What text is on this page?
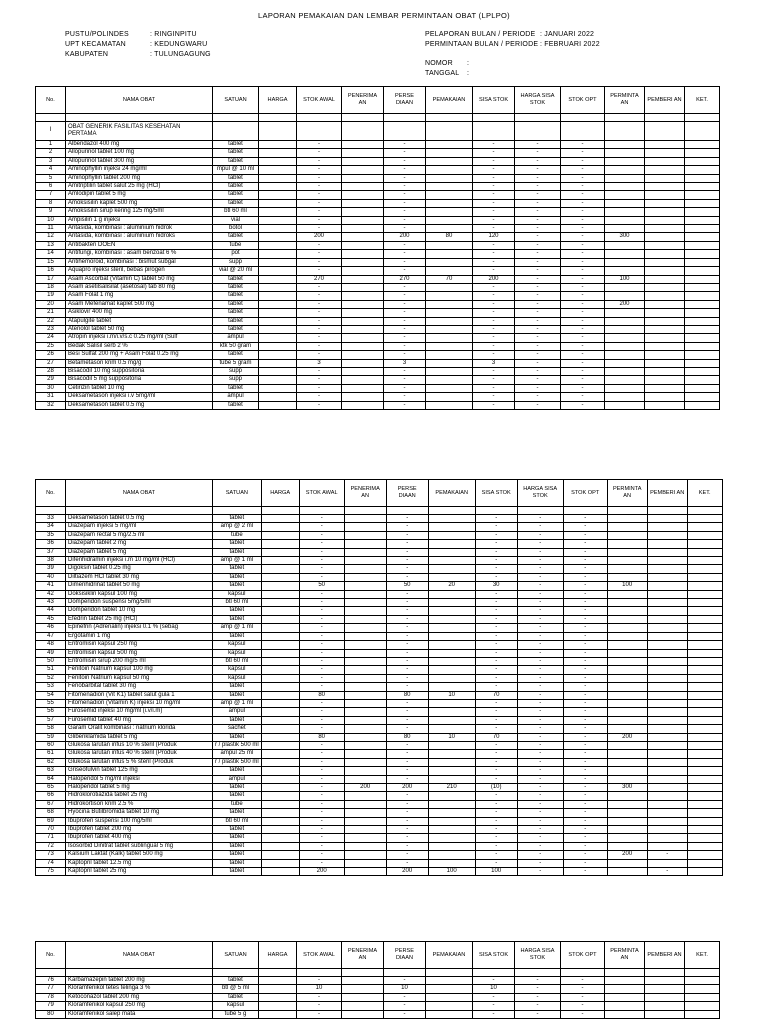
LAPORAN PEMAKAIAN DAN LEMBAR PERMINTAAN OBAT (LPLPO)
PUSTU/POLINDES	: RINGINPITU
UPT KECAMATAN	: KEDUNGWARU
KABUPATEN	: TULUNGAGUNG
PELAPORAN BULAN / PERIODE : JANUARI 2022
PERMINTAAN BULAN / PERIODE : FEBRUARI 2022
NOMOR :
TANGGAL :
No.	NAMA OBAT	SATUAN	HARGA	STOK AWAL	PENERIMA AN	PERSE DIAAN	PEMAKAIAN	SISA STOK	HARGA SISA STOK	STOK OPT	PERMINTA AN	PEMBERI AN	KET.

I	OBAT GENERIK FASILITAS KESEHATAN PERTAMA												
1	Albendazol 400 mg	tablet		-		-		-	-	-			
2	Allopurinol tablet 100 mg	tablet		-		-		-	-	-			
3	Allopurinol tablet 300 mg	tablet		-		-		-	-	-			
4	Aminophyllin injeksi 24 mg/ml	mpul @ 10 ml		-		-		-	-	-			
5	Aminophyllin tablet 200 mg	tablet		-		-		-	-	-			
6	Amitriptilin tablet salut 25 mg (HCl)	tablet		-		-		-	-	-			
7	Amlodipin tablet 5 mg	tablet		-		-		-	-	-			
8	Amoksisilin kaplet 500 mg	tablet		-		-		-	-	-			
9	Amoksisilin sirup kering 125 mg/5ml	btl 60 ml		-		-		-	-	-			
10	Ampisilin 1 g injeksi	vial		-		-		-	-	-			
11	Antasida, kombinasi : aluminium hidrok	botol		-		-		-	-	-			
12	Antasida, kombinasi : aluminium hidroks	tablet		200		200	80	120	-	-	300		
13	Antibakteri DOEN	tube		-		-		-	-	-			
14	Antifungi, kombinasi : asam benzoat 6 %	pot		-		-		-	-	-			
15	Antihemoroid, kombinasi : bismut subgal	supp		-		-		-	-	-			
16	Aquapro injeksi steril, bebas pirogen	vial @ 20 ml		-		-		-	-	-			
17	Asam Ascorbat (Vitamin C) tablet 50 mg	tablet		270		270	70	200	-	-	100		
18	Asam asetilsalisilat (asetosal) tab 80 mg	tablet		-		-		-	-	-			
19	Asam Folat 1 mg	tablet		-		-		-	-	-			
20	Asam Mefenamat kaplet 500 mg	tablet		-		-		-	-	-	200		
21	Asiklovir 400 mg	tablet		-		-		-	-	-			
22	Atapulgite tablet	tablet		-		-		-	-	-			
23	Atenolol tablet 50 mg	tablet		-		-		-	-	-			
24	Atropin injeksi i.m/i.v/s.c 0.25 mg/ml (Sulf	ampul		-		-		-	-	-			
25	Bedak Salisil serb 2 %	ktk 50 gram		-		-		-	-	-			
26	Besi Sulfat 200 mg + Asam Folat 0.25 mg	tablet		-		-		-	-	-			
27	Betametason krim 0.5 mg/g	tube 5 gram		3		3		3	-	-			
28	Bisacodil 10 mg suppositoria	supp		-		-		-	-	-			
29	Bisacodil 5 mg suppositoria	supp		-		-		-	-	-			
30	Cetirizin tablet 10 mg	tablet		-		-		-	-	-			
31	Deksametason injeksi i.v 5mg/ml	ampul		-		-		-	-	-			
32	Deksametason tablet 0.5 mg	tablet		-		-		-	-	-			
No.	NAMA OBAT	SATUAN	HARGA	STOK AWAL	PENERIMA AN	PERSE DIAAN	PEMAKAIAN	SISA STOK	HARGA SISA STOK	STOK OPT	PERMINTA AN	PEMBERI AN	KET.

33	Deksametason tablet 0.5 mg	tablet		-		-		-	-	-			
34	Diazepam injeksi 5 mg/ml	amp @ 2 ml		-		-		-	-	-			
35	Diazepam rectal 5 mg/2.5 ml	tube		-		-		-	-	-			
36	Diazepam tablet 2 mg	tablet		-		-		-	-	-			
37	Diazepam tablet 5 mg	tablet		-		-		-	-	-			
38	Difenhidramin injeksi i.m 10 mg/ml (HCl)	amp @ 1 ml		-		-		-	-	-			
39	Digoksin tablet 0.25 mg	tablet		-		-		-	-	-			
40	Diltiazem HCl tablet 30 mg	tablet		-		-		-	-	-			
41	Dimenhidrinat tablet 50 mg	tablet		50		50	20	30	-	-	100		
42	Doksisiklin kapsul 100 mg	kapsul		-		-		-	-	-			
43	Domperidon suspensi 5mg/5ml	btl 60 ml		-		-		-	-	-			
44	Domperidon tablet 10 mg	tablet		-		-		-	-	-			
45	Efedrin tablet 25 mg (HCl)	tablet		-		-		-	-	-			
46	Epinefrin (Adrenalin) injeksi 0.1 % (sebag	amp @ 1 ml		-		-		-	-	-			
47	Ergotamin 1 mg	tablet		-		-		-	-	-			
48	Eritromisin kapsul 250 mg	kapsul		-		-		-	-	-			
49	Eritromisin kapsul 500 mg	kapsul		-		-		-	-	-			
50	Eritromisin sirup 200 mg/5 ml	btl 60 ml		-		-		-	-	-			
51	Fenitoin Natrium kapsul 100 mg	kapsul		-		-		-	-	-			
52	Fenitoin Natrium kapsul 50 mg	kapsul		-		-		-	-	-			
53	Fenobarbital tablet 30 mg	tablet		-		-		-	-	-			
54	Fitomenadion (Vit K1) tablet salut gula 1	tablet		80		80	10	70	-	-			
55	Fitomenadion (Vitamin K) injeksi 10 mg/ml	amp @ 1 ml		-		-		-	-	-			
56	Furosemid injeksi 10 mg/ml (i.v/i.m)	ampul		-		-		-	-	-			
57	Furosemid tablet 40 mg	tablet		-		-		-	-	-			
58	Garam Oralit kombinasi : natrium klorida	sachet		-		-		-	-	-			
59	Glibenklamida tablet 5 mg	tablet		80		80	10	70	-	-	200		
60	Glukosa larutan infus 10 % steril (Produk	r / plastik 500 ml		-		-		-	-	-			
61	Glukosa larutan infus 40 % steril (Produk	ampul 25 ml		-		-		-	-	-			
62	Glukosa larutan infus 5 % steril (Produk	r / plastik 500 ml		-		-		-	-	-			
63	Griseofulvin tablet 125 mg	tablet		-		-		-	-	-			
64	Haloperidol 5 mg/ml injeksi	ampul		-		-		-	-	-			
65	Haloperidol tablet 5 mg	tablet		-	200	200	210	(10)	-	-	300		
66	Hidroklorotiazida tablet 25 mg	tablet		-		-		-	-	-			
67	Hidrokortison krim 2.5 %	tube		-		-		-	-	-			
68	Hyocina Butilbromida tablet 10 mg	tablet		-		-		-	-	-			
69	Ibuprofen suspensi 100 mg/5ml	btl 60 ml		-		-		-	-	-			
70	Ibuprofen tablet 200 mg	tablet		-		-		-	-	-			
71	Ibuprofen tablet 400 mg	tablet		-		-		-	-	-			
72	Isosorbid Dinitrat tablet sublingual 5 mg	tablet		-		-		-	-	-			
73	Kalsium Laktat (Kalk) tablet 500 mg	tablet		-		-		-	-	-	200	-	
74	Kaptopril tablet 12.5 mg	tablet		-		-		-	-	-			
75	Kaptopril tablet 25 mg	tablet		200		200	100	100	-	-		-	
No.	NAMA OBAT	SATUAN	HARGA	STOK AWAL	PENERIMA AN	PERSE DIAAN	PEMAKAIAN	SISA STOK	HARGA SISA STOK	STOK OPT	PERMINTA AN	PEMBERI AN	KET.

76	Karbamazepin tablet 200 mg	tablet		-		-		-	-	-			
77	Kloramfenikol tetes telinga 3 %	btl @ 5 ml		10		10		10	-	-			
78	Ketoconazol tablet 200 mg	tablet		-		-		-	-	-			
79	Kloramfenikol kapsul 250 mg	kapsul		-		-		-	-	-			
80	Kloramfenikol salep mata	tube 5 g		-		-		-	-	-			
